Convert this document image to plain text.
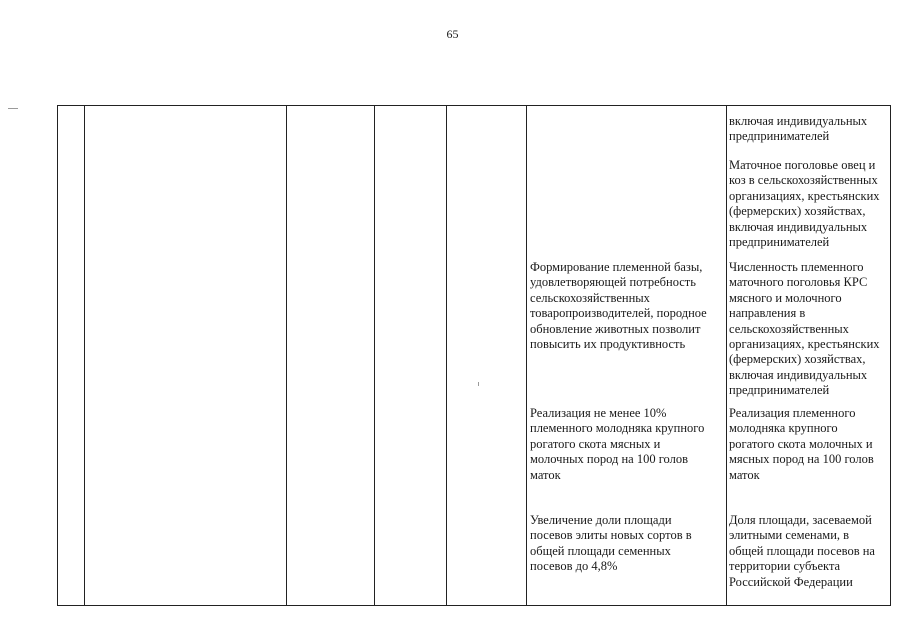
65

Формирование племенной базы,
удовлетворяющей потребность
сельскохозяйственных
товаропроизводителей, породное
обновление животных позволит
повысить их продуктивность

Реализация не менее 10%
племенного молодняка крупного
рогатого скота мясных и
молочных пород на 100 голов
маток

Увеличение доли площади
посевов элиты новых сортов в
общей площади семенных
посевов до 4,8%

включая индивидуальных
предпринимателей

Маточное поголовье овец и
коз в сельскохозяйственных
организациях, крестьянских
(фермерских) хозяйствах,
включая индивидуальных
предпринимателей

Численность племенного
маточного поголовья КРС
мясного и молочного
направления в
сельскохозяйственных
организациях, крестьянских
(фермерских) хозяйствах,
включая индивидуальных
предпринимателей

Реализация племенного
молодняка крупного
рогатого скота молочных и
мясных пород на 100 голов
маток

Доля площади, засеваемой
элитными семенами, в
общей площади посевов на
территории субъекта
Российской Федерации
